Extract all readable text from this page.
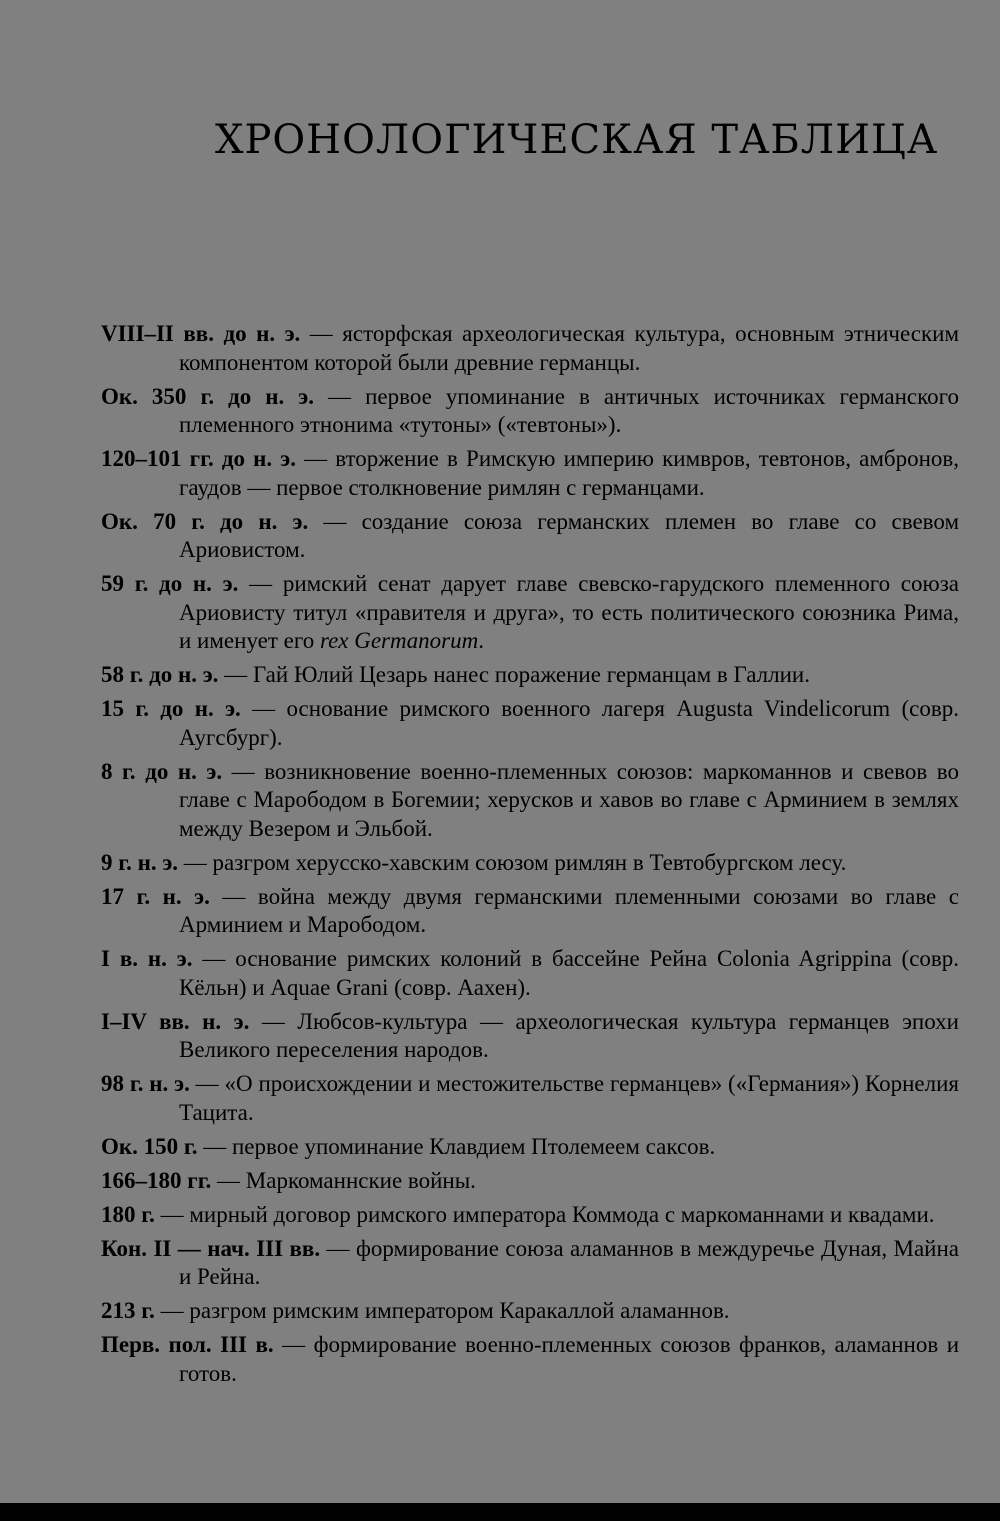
ХРОНОЛОГИЧЕСКАЯ ТАБЛИЦА
VIII–II вв. до н. э. — ясторфская археологическая культура, основным этническим компонентом которой были древние германцы.
Ок. 350 г. до н. э. — первое упоминание в античных источниках германского племенного этнонима «тутоны» («тевтоны»).
120–101 гг. до н. э. — вторжение в Римскую империю кимвров, тевтонов, амбронов, гаудов — первое столкновение римлян с германцами.
Ок. 70 г. до н. э. — создание союза германских племен во главе со свевом Ариовистом.
59 г. до н. э. — римский сенат дарует главе свевско-гарудского племенного союза Ариовисту титул «правителя и друга», то есть политического союзника Рима, и именует его rex Germanorum.
58 г. до н. э. — Гай Юлий Цезарь нанес поражение германцам в Галлии.
15 г. до н. э. — основание римского военного лагеря Augusta Vindelicorum (совр. Аугсбург).
8 г. до н. э. — возникновение военно-племенных союзов: маркоманнов и свевов во главе с Марободом в Богемии; херусков и хавов во главе с Арминием в землях между Везером и Эльбой.
9 г. н. э. — разгром херусско-хавским союзом римлян в Тевтобургском лесу.
17 г. н. э. — война между двумя германскими племенными союзами во главе с Арминием и Марободом.
I в. н. э. — основание римских колоний в бассейне Рейна Colonia Agrippina (совр. Кёльн) и Aquae Grani (совр. Аахен).
I–IV вв. н. э. — Любсов-культура — археологическая культура германцев эпохи Великого переселения народов.
98 г. н. э. — «О происхождении и местожительстве германцев» («Германия») Корнелия Тацита.
Ок. 150 г. — первое упоминание Клавдием Птолемеем саксов.
166–180 гг. — Маркоманнские войны.
180 г. — мирный договор римского императора Коммода с маркоманнами и квадами.
Кон. II — нач. III вв. — формирование союза аламаннов в междуречье Дуная, Майна и Рейна.
213 г. — разгром римским императором Каракаллой аламаннов.
Перв. пол. III в. — формирование военно-племенных союзов франков, аламаннов и готов.
